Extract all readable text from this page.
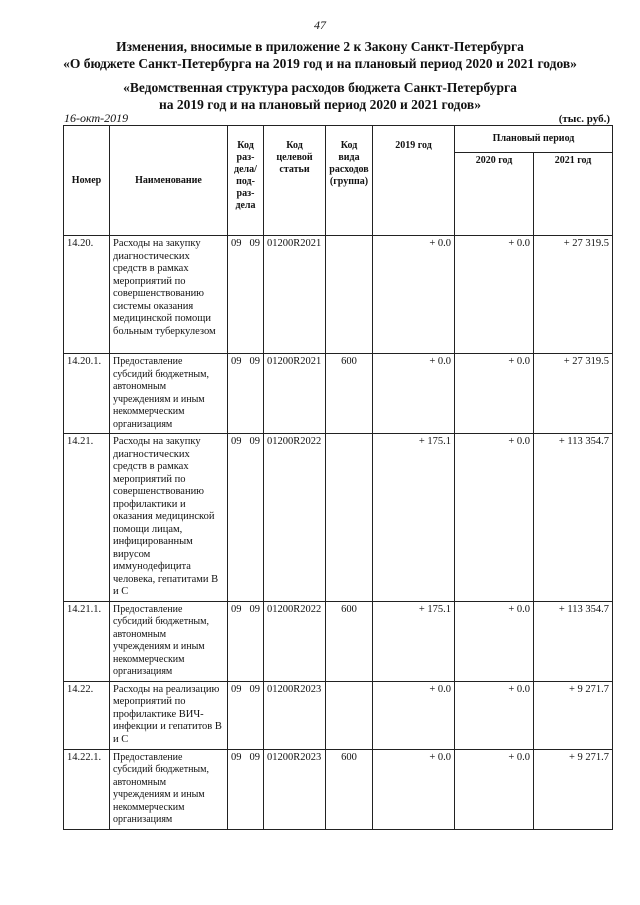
47
Изменения, вносимые в приложение 2 к Закону Санкт-Петербурга
«О бюджете Санкт-Петербурга на 2019 год и на плановый период 2020 и 2021 годов»
«Ведомственная структура расходов бюджета Санкт-Петербурга
на 2019 год и на плановый период 2020 и 2021 годов»
16-окт-2019	(тыс. руб.)
Номер	Наименование	Код раз-дела/ под-раз-дела	Код целевой статьи	Код вида расходов (группа)	2019 год	Плановый период	
						2020 год	2021 год
14.20.	Расходы на закупку диагностических средств в рамках мероприятий по совершенствованию системы оказания медицинской помощи больным туберкулезом	09 09	01200R2021		+ 0.0	+ 0.0	+ 27 319.5
14.20.1.	Предоставление субсидий бюджетным, автономным учреждениям и иным некоммерческим организациям	09 09	01200R2021	600	+ 0.0	+ 0.0	+ 27 319.5
14.21.	Расходы на закупку диагностических средств в рамках мероприятий по совершенствованию профилактики и оказания медицинской помощи лицам, инфицированным вирусом иммунодефицита человека, гепатитами В и С	09 09	01200R2022		+ 175.1	+ 0.0	+ 113 354.7
14.21.1.	Предоставление субсидий бюджетным, автономным учреждениям и иным некоммерческим организациям	09 09	01200R2022	600	+ 175.1	+ 0.0	+ 113 354.7
14.22.	Расходы на реализацию мероприятий по профилактике ВИЧ-инфекции и гепатитов В и С	09 09	01200R2023		+ 0.0	+ 0.0	+ 9 271.7
14.22.1.	Предоставление субсидий бюджетным, автономным учреждениям и иным некоммерческим организациям	09 09	01200R2023	600	+ 0.0	+ 0.0	+ 9 271.7
